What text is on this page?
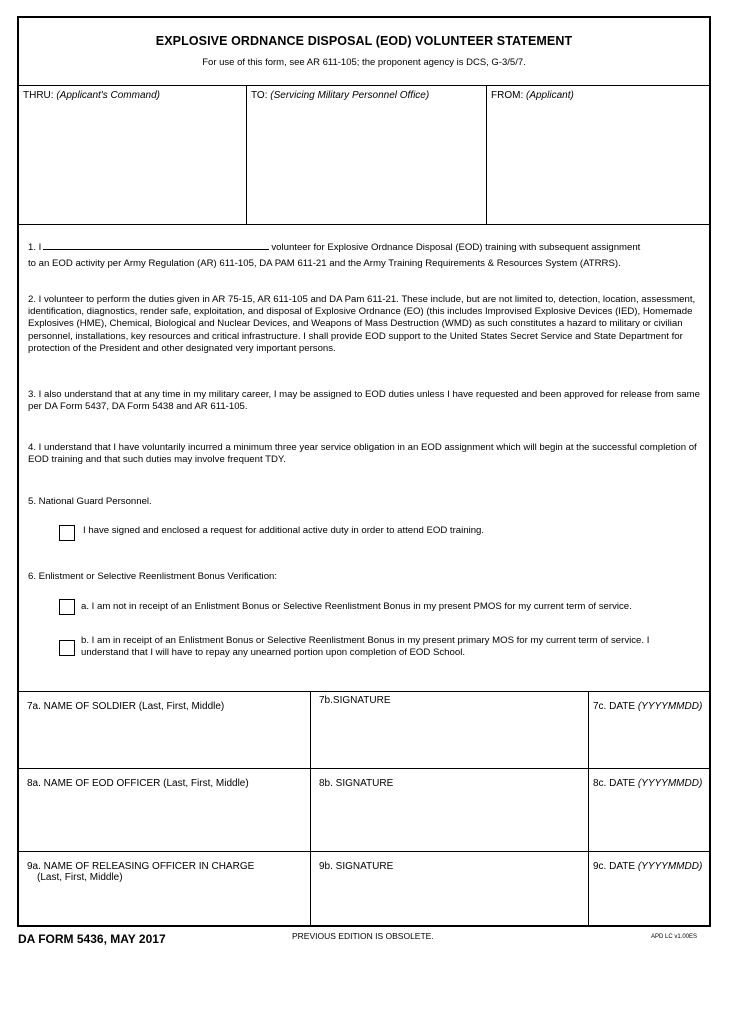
EXPLOSIVE ORDNANCE DISPOSAL (EOD) VOLUNTEER STATEMENT
For use of this form, see AR 611-105; the proponent agency is DCS, G-3/5/7.
THRU: (Applicant's Command)	TO: (Servicing Military Personnel Office)	FROM: (Applicant)
1. I	volunteer for Explosive Ordnance Disposal (EOD) training with subsequent assignment

to an EOD activity per Army Regulation (AR) 611-105, DA PAM 611-21 and the Army Training Requirements & Resources System (ATRRS).
2. I volunteer to perform the duties given in AR 75-15, AR 611-105 and DA Pam 611-21. These include, but are not limited to, detection, location, assessment, identification, diagnostics, render safe, exploitation, and disposal of Explosive Ordnance (EO) (this includes Improvised Explosive Devices (IED), Homemade Explosives (HME), Chemical, Biological and Nuclear Devices, and Weapons of Mass Destruction (WMD) as such constitutes a hazard to military or civilian personnel, installations, key resources and critical infrastructure. I shall provide EOD support to the United States Secret Service and State Department for protection of the President and other designated very important persons.
3. I also understand that at any time in my military career, I may be assigned to EOD duties unless I have requested and been approved for release from same per DA Form 5437, DA Form 5438 and AR 611-105.
4. I understand that I have voluntarily incurred a minimum three year service obligation in an EOD assignment which will begin at the successful completion of EOD training and that such duties may involve frequent TDY.
5. National Guard Personnel.
I have signed and enclosed a request for additional active duty in order to attend EOD training.
6. Enlistment or Selective Reenlistment Bonus Verification:
a. I am not in receipt of an Enlistment Bonus or Selective Reenlistment Bonus in my present PMOS for my current term of service.
b. I am in receipt of an Enlistment Bonus or Selective Reenlistment Bonus in my present primary MOS for my current term of service. I understand that I will have to repay any unearned portion upon completion of EOD School.
7a. NAME OF SOLDIER (Last, First, Middle)
7b.SIGNATURE
7c. DATE (YYYYMMDD)
8a. NAME OF EOD OFFICER (Last, First, Middle)	8b. SIGNATURE	8c. DATE (YYYYMMDD)
9a. NAME OF RELEASING OFFICER IN CHARGE
(Last, First, Middle)
9b. SIGNATURE	9c. DATE (YYYYMMDD)
DA FORM 5436, MAY 2017	PREVIOUS EDITION IS OBSOLETE.	APD LC v1.00ES
